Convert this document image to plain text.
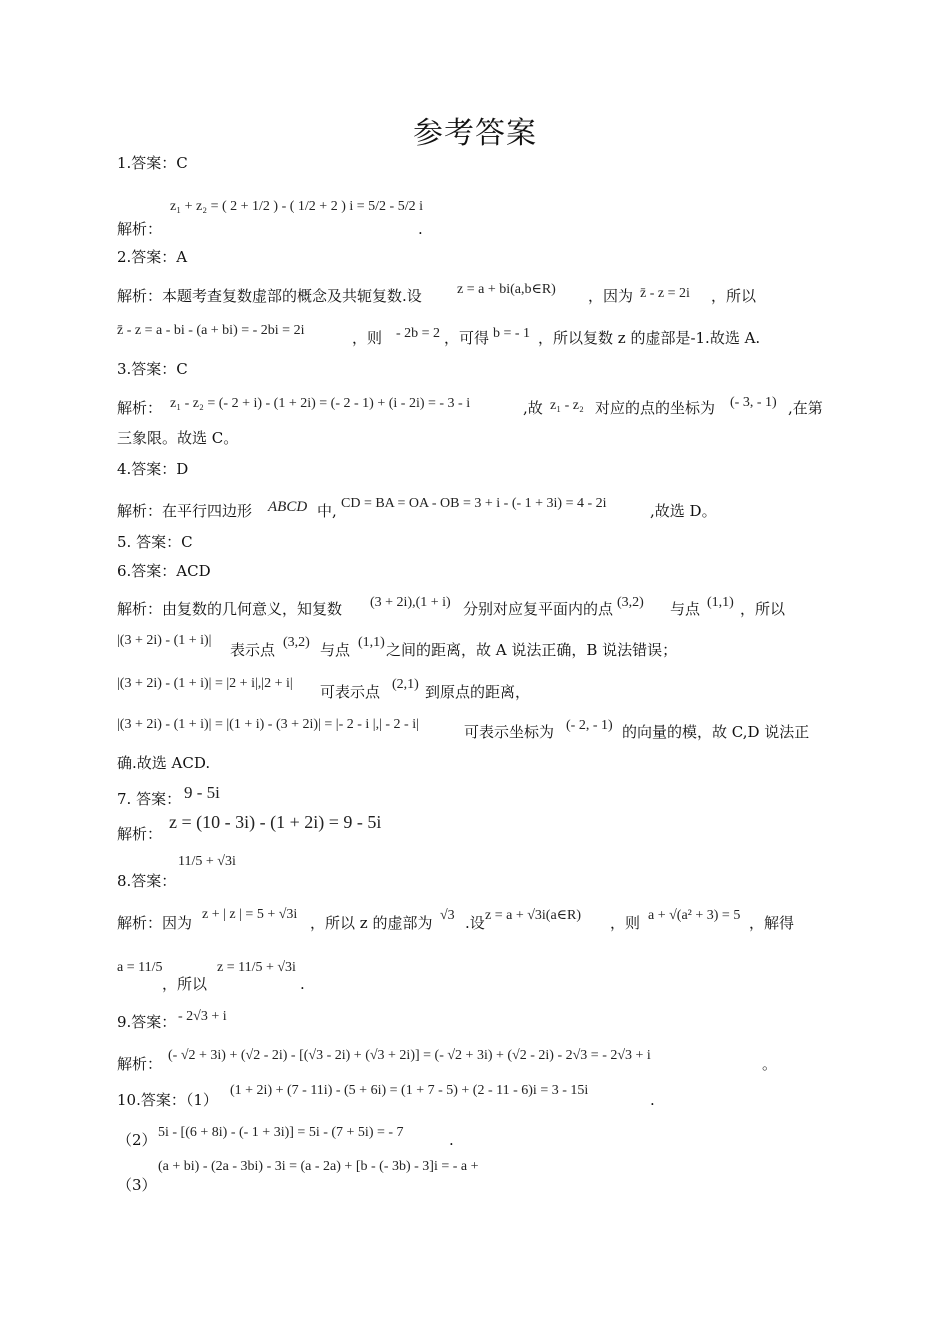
参考答案
1.答案：C
z₁ + z₂ = ( 2 + 1/2 ) - ( 1/2 + 2 ) i = 5/2 - 5/2 i
解析：	.
2.答案：A
解析：本题考查复数虚部的概念及共轭复数.设	z = a + bi(a,b∈R) ，因为 z̄ - z = 2i ，所以
z̄ - z = a - bi - (a + bi) = - 2bi = 2i	，则 - 2b = 2 ，可得 b = - 1 ，所以复数 z 的虚部是-1.故选 A.
3.答案：C
解析： z₁ - z₂ = (- 2 + i) - (1 + 2i) = (- 2 - 1) + (i - 2i) = - 3 - i	,故 z₁ - z₂ 对应的点的坐标为 (- 3, - 1) ,在第
三象限。故选 C。
4.答案：D
解析：在平行四边形 ABCD 中, CD = BA = OA - OB = 3 + i - (- 1 + 3i) = 4 - 2i	,故选 D。
5. 答案：C
6.答案：ACD
解析：由复数的几何意义，知复数 (3 + 2i),(1 + i) 分别对应复平面内的点 (3,2) 与点 (1,1) ，所以
|(3 + 2i) - (1 + i)|
表示点 (3,2) 与点 (1,1) 之间的距离，故 A 说法正确，B 说法错误；
|(3 + 2i) - (1 + i)| = |2 + i|,|2 + i| 可表示点 (2,1) 到原点的距离，
|(3 + 2i) - (1 + i)| = |(1 + i) - (3 + 2i)| = |- 2 - i |,| - 2 - i|	可表示坐标为 (- 2, - 1) 的向量的模，故 C,D 说法正
确.故选 ACD.
7. 答案： 9 - 5i
解析：
z = (10 - 3i) - (1 + 2i) = 9 - 5i
11/5 + √3i
8.答案：
解析：因为 z + | z | = 5 + √3i ，所以 z 的虚部为 √3 .设 z = a + √3i(a∈R) ，则 a + √(a² + 3) = 5 ，解得
a = 11/5
，所以
z = 11/5 + √3i
.
9.答案： - 2√3 + i
解析： (- √2 + 3i) + (√2 - 2i) - [(√3 - 2i) + (√3 + 2i)] = (- √2 + 3i) + (√2 - 2i) - 2√3 = - 2√3 + i	。
10.答案：（1）
(1 + 2i) + (7 - 11i) - (5 + 6i) = (1 + 7 - 5) + (2 - 11 - 6)i = 3 - 15i
.
（2） 5i - [(6 + 8i) - (- 1 + 3i)] = 5i - (7 + 5i) = - 7	.
(a + bi) - (2a - 3bi) - 3i = (a - 2a) + [b - (- 3b) - 3]i = - a +
（3）
